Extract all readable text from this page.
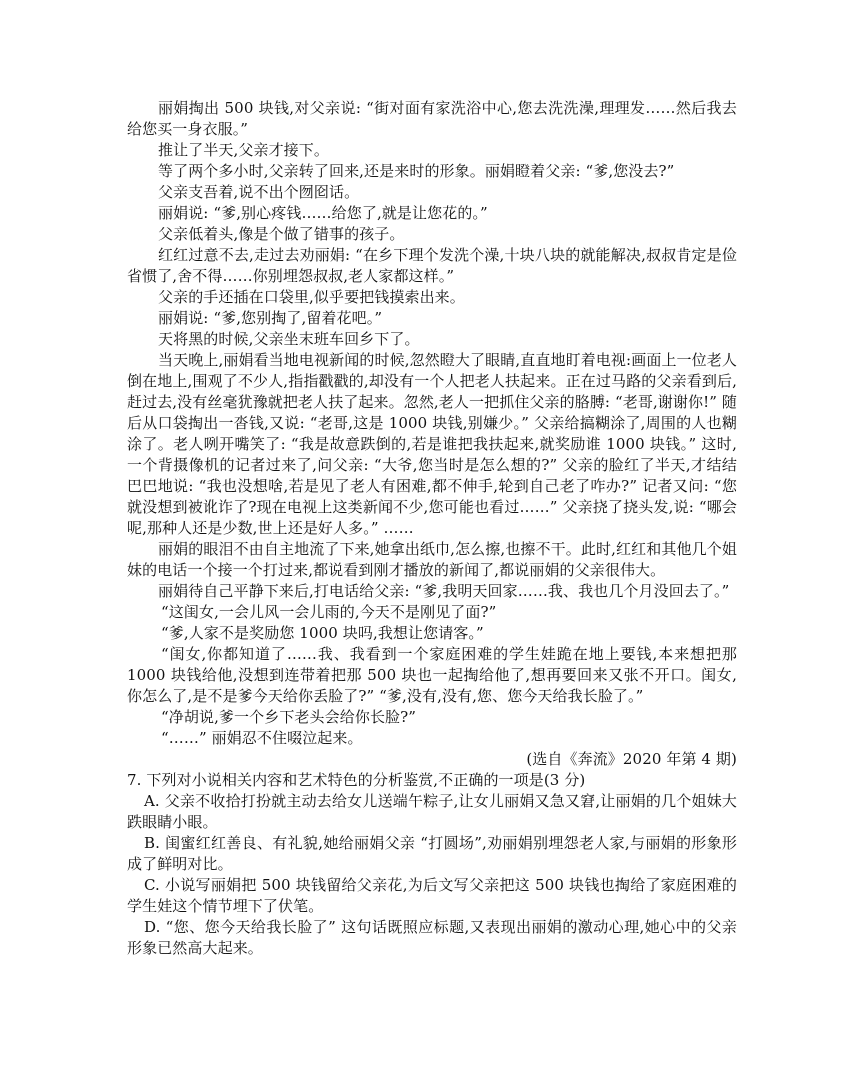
丽娟掏出 500 块钱,对父亲说: “街对面有家洗浴中心,您去洗洗澡,理理发……然后我去给您买一身衣服。”

推让了半天,父亲才接下。

等了两个多小时,父亲转了回来,还是来时的形象。丽娟瞪着父亲: “爹,您没去?”

父亲支吾着,说不出个囫囵话。

丽娟说: “爹,别心疼钱……给您了,就是让您花的。”

父亲低着头,像是个做了错事的孩子。

红红过意不去,走过去劝丽娟: “在乡下理个发洗个澡,十块八块的就能解决,叔叔肯定是俭省惯了,舍不得……你别埋怨叔叔,老人家都这样。”

父亲的手还插在口袋里,似乎要把钱摸索出来。

丽娟说: “爹,您别掏了,留着花吧。”

天将黑的时候,父亲坐末班车回乡下了。

当天晚上,丽娟看当地电视新闻的时候,忽然瞪大了眼睛,直直地盯着电视:画面上一位老人倒在地上,围观了不少人,指指戳戳的,却没有一个人把老人扶起来。正在过马路的父亲看到后,赶过去,没有丝毫犹豫就把老人扶了起来。忽然,老人一把抓住父亲的胳膊: “老哥,谢谢你!” 随后从口袋掏出一沓钱,又说: “老哥,这是 1000 块钱,别嫌少。” 父亲给搞糊涂了,周围的人也糊涂了。老人咧开嘴笑了: “我是故意跌倒的,若是谁把我扶起来,就奖励谁 1000 块钱。” 这时,一个背摄像机的记者过来了,问父亲: “大爷,您当时是怎么想的?” 父亲的脸红了半天,才结结巴巴地说: “我也没想啥,若是见了老人有困难,都不伸手,轮到自己老了咋办?” 记者又问: “您就没想到被讹诈了?现在电视上这类新闻不少,您可能也看过……” 父亲挠了挠头发,说: “哪会呢,那种人还是少数,世上还是好人多。” ……

丽娟的眼泪不由自主地流了下来,她拿出纸巾,怎么擦,也擦不干。此时,红红和其他几个姐妹的电话一个接一个打过来,都说看到刚才播放的新闻了,都说丽娟的父亲很伟大。

丽娟待自己平静下来后,打电话给父亲: “爹,我明天回家……我、我也几个月没回去了。”

“这闺女,一会儿风一会儿雨的,今天不是刚见了面?”

“爹,人家不是奖励您 1000 块吗,我想让您请客。”

“闺女,你都知道了……我、我看到一个家庭困难的学生娃跪在地上要钱,本来想把那 1000 块钱给他,没想到连带着把那 500 块也一起掏给他了,想再要回来又张不开口。闺女,你怎么了,是不是爹今天给你丢脸了?” “爹,没有,没有,您、您今天给我长脸了。”

“净胡说,爹一个乡下老头会给你长脸?”

“……” 丽娟忍不住啜泣起来。

(选自《奔流》2020 年第 4 期)

7. 下列对小说相关内容和艺术特色的分析鉴赏,不正确的一项是(3 分)

A. 父亲不收拾打扮就主动去给女儿送端午粽子,让女儿丽娟又急又窘,让丽娟的几个姐妹大跌眼睛小眼。

B. 闺蜜红红善良、有礼貌,她给丽娟父亲 “打圆场”,劝丽娟别埋怨老人家,与丽娟的形象形成了鲜明对比。

C. 小说写丽娟把 500 块钱留给父亲花,为后文写父亲把这 500 块钱也掏给了家庭困难的学生娃这个情节埋下了伏笔。

D. “您、您今天给我长脸了” 这句话既照应标题,又表现出丽娟的激动心理,她心中的父亲形象已然高大起来。
